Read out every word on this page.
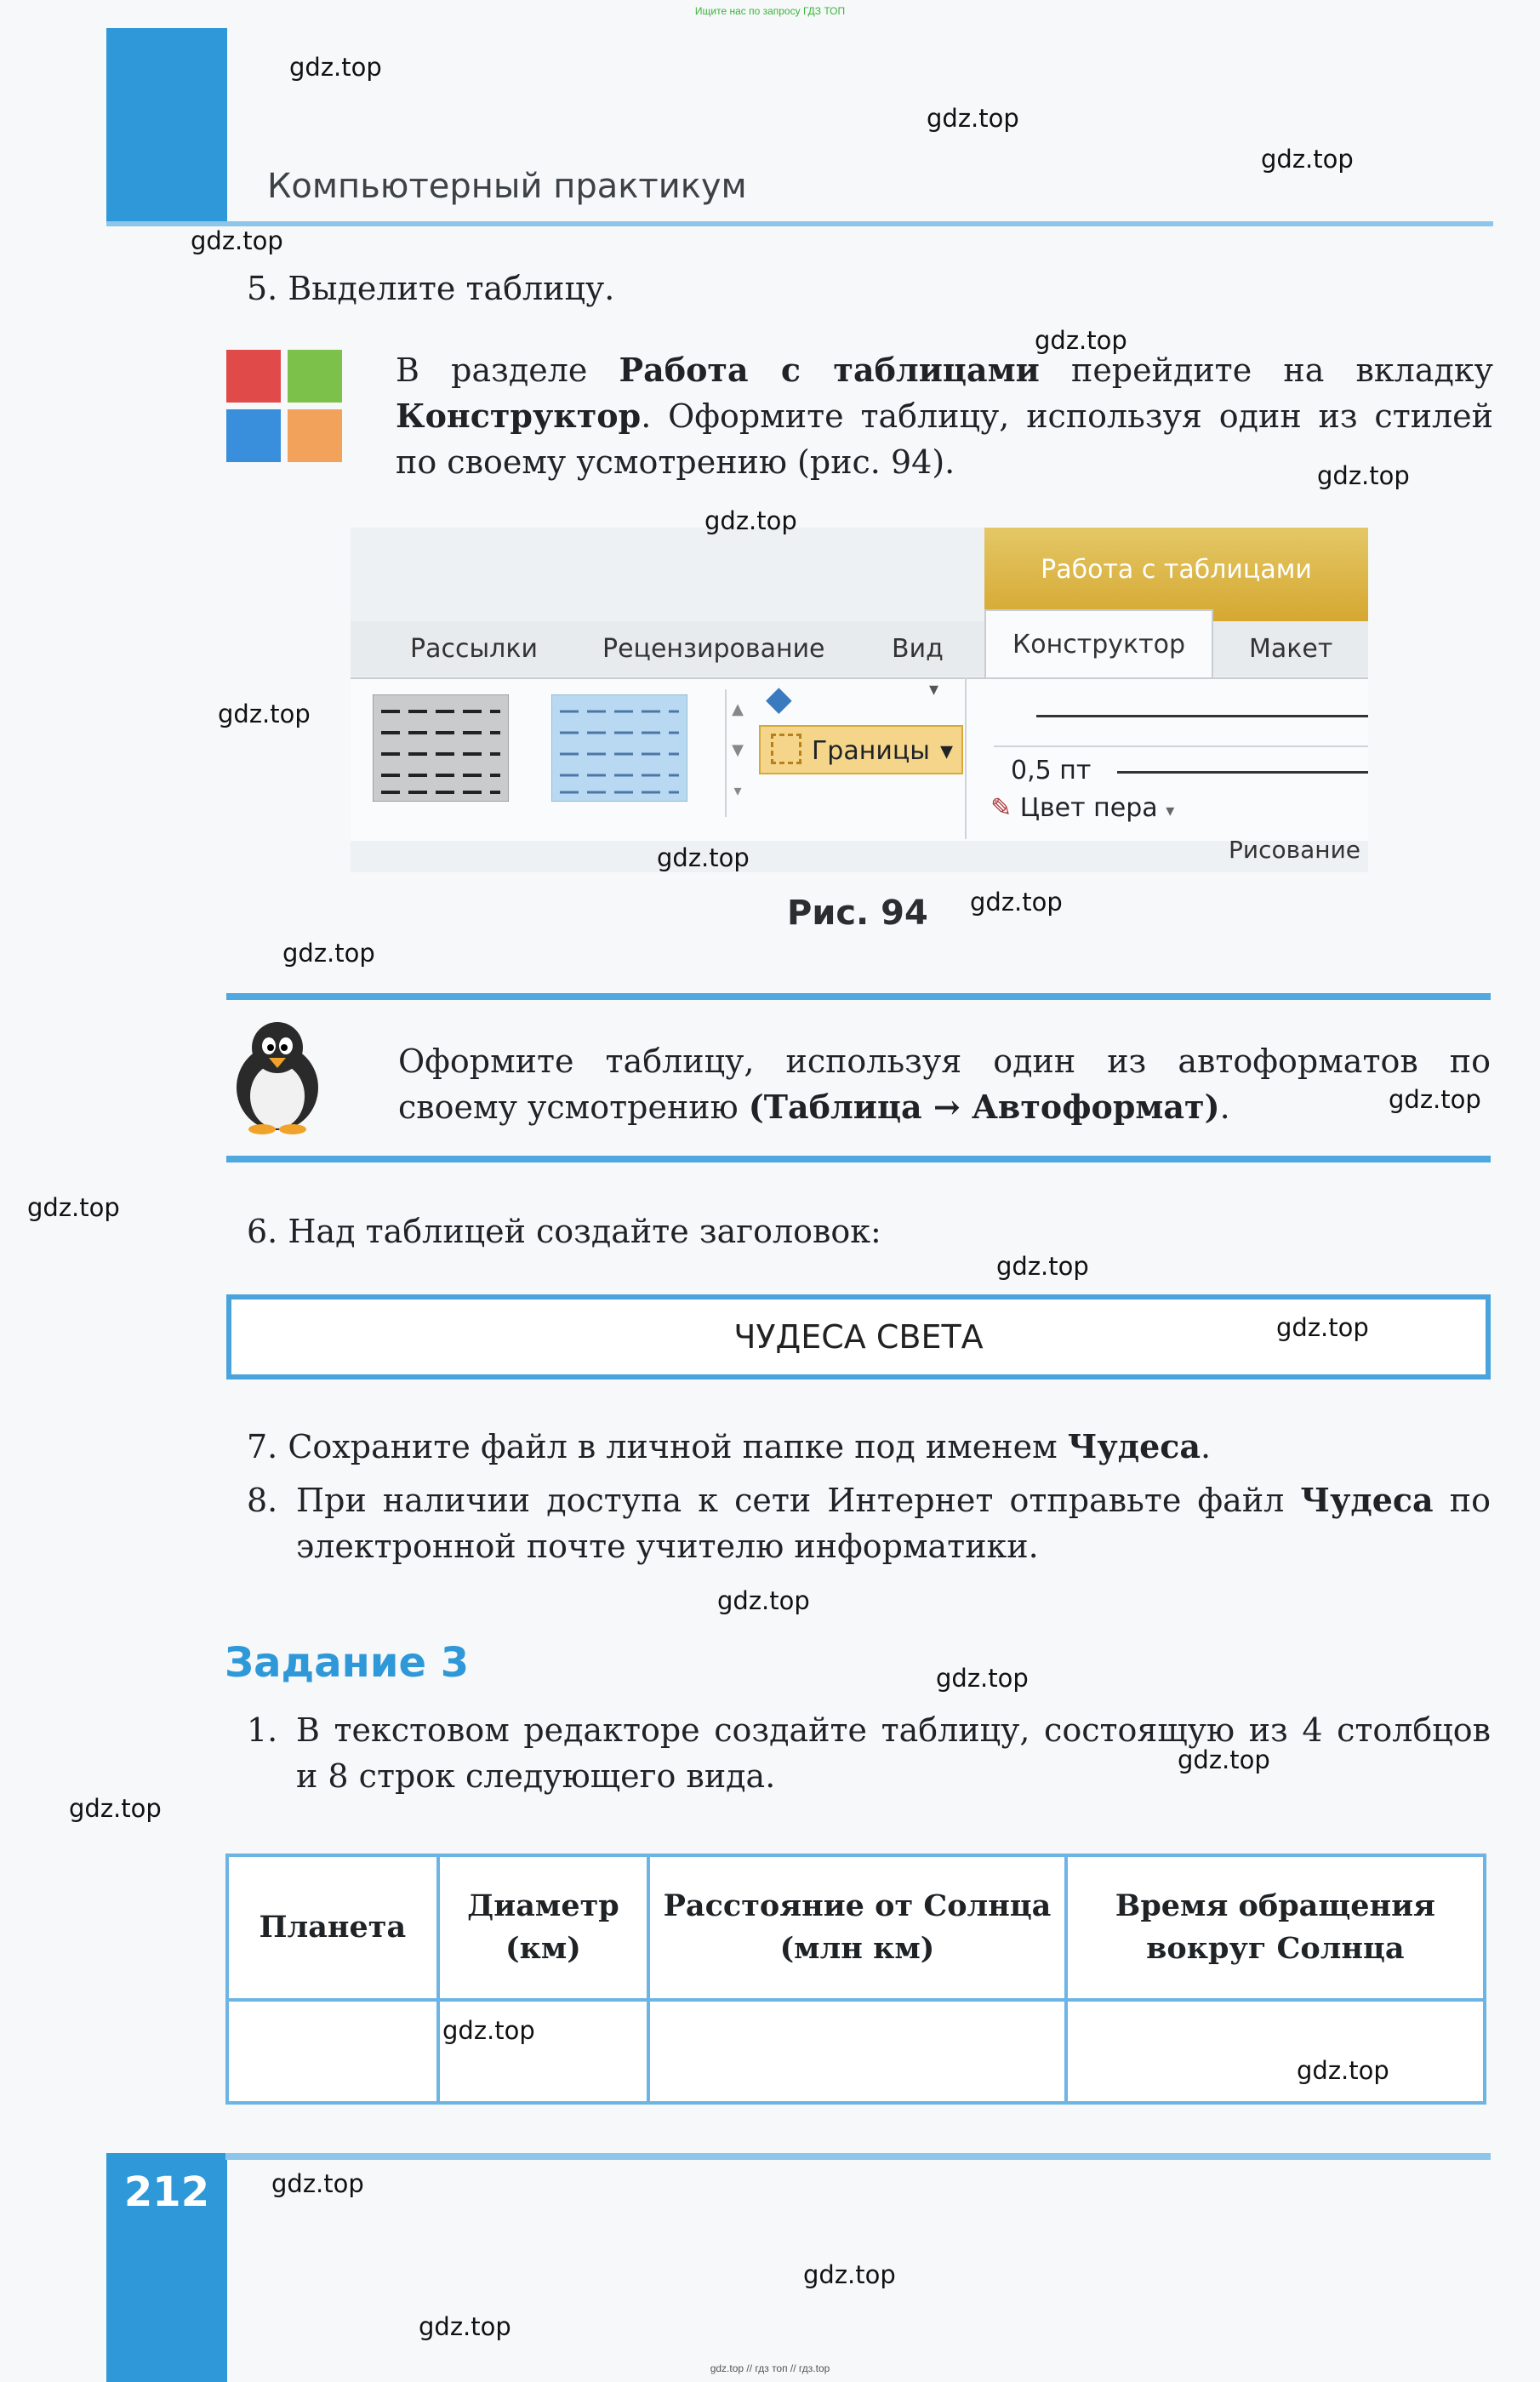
Ищите нас по запросу ГДЗ ТОП
212
Компьютерный практикум
5. Выделите таблицу.
В разделе Работа с таблицами перейдите на вкладку Конструктор. Оформите таблицу, используя один из стилей по своему усмотрению (рис. 94).
Работа с таблицами
Рассылки	Рецензирование	Вид	Конструктор	Макет
▲
▼
▾
◆	▾
Границы ▾
0,5 пт
✎ Цвет пера ▾
Рисование
Рис. 94
Оформите таблицу, используя один из автоформатов по своему усмотрению (Таблица → Автоформат).
6. Над таблицей создайте заголовок:
ЧУДЕСА СВЕТА
7. Сохраните файл в личной папке под именем Чудеса.
8. При наличии доступа к сети Интернет отправьте файл Чудеса по электронной почте учителю информатики.
Задание 3
1. В текстовом редакторе создайте таблицу, состоящую из 4 столбцов и 8 строк следующего вида.
Планета	Диаметр (км)	Расстояние от Солнца (млн км)	Время обращения вокруг Солнца

gdz.top
gdz.top
gdz.top
gdz.top
gdz.top
gdz.top
gdz.top
gdz.top
gdz.top
gdz.top
gdz.top
gdz.top
gdz.top
gdz.top
gdz.top
gdz.top
gdz.top
gdz.top
gdz.top
gdz.top
gdz.top
gdz.top
gdz.top
gdz.top
gdz.top // гдз топ // гдз.top
